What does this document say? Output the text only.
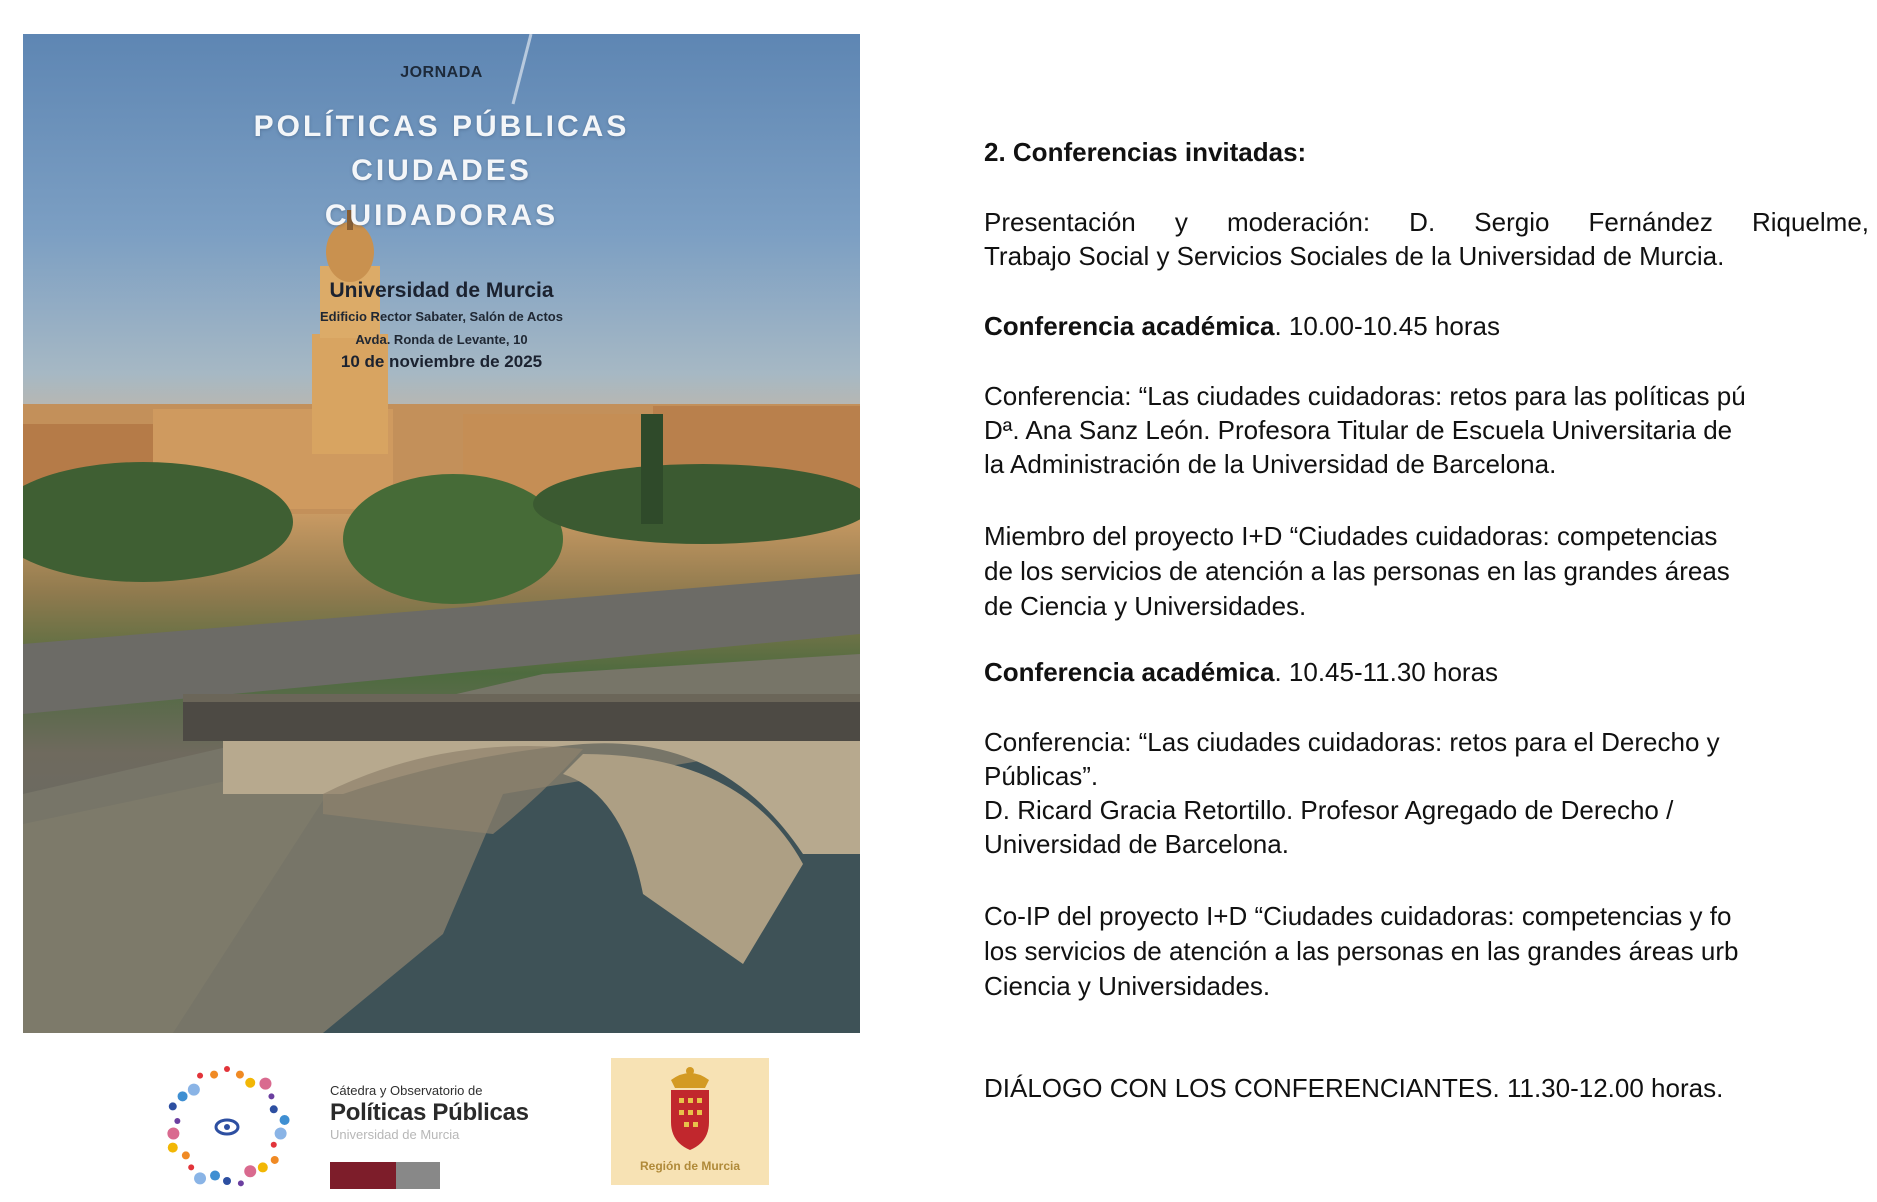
JORNADA
POLÍTICAS PÚBLICAS
CIUDADES
CUIDADORAS
Universidad de Murcia
Edificio Rector Sabater, Salón de Actos
Avda. Ronda de Levante, 10
10 de noviembre de 2025
Cátedra y Observatorio de
Políticas Públicas
Universidad de Murcia
Región de Murcia
2. Conferencias invitadas:
Presentación y moderación: D. Sergio Fernández Riquelme,
Trabajo Social y Servicios Sociales de la Universidad de Murcia.
Conferencia académica. 10.00-10.45 horas
Conferencia: “Las ciudades cuidadoras: retos para las políticas pú
Dª. Ana Sanz León. Profesora Titular de Escuela Universitaria de
la Administración de la Universidad de Barcelona.
Miembro del proyecto I+D “Ciudades cuidadoras: competencias
de los servicios de atención a las personas en las grandes áreas
de Ciencia y Universidades.
Conferencia académica. 10.45-11.30 horas
Conferencia: “Las ciudades cuidadoras: retos para el Derecho y
Públicas”.
D. Ricard Gracia Retortillo. Profesor Agregado de Derecho /
Universidad de Barcelona.
Co-IP del proyecto I+D “Ciudades cuidadoras: competencias y fo
los servicios de atención a las personas en las grandes áreas urb
Ciencia y Universidades.
DIÁLOGO CON LOS CONFERENCIANTES. 11.30-12.00 horas.
